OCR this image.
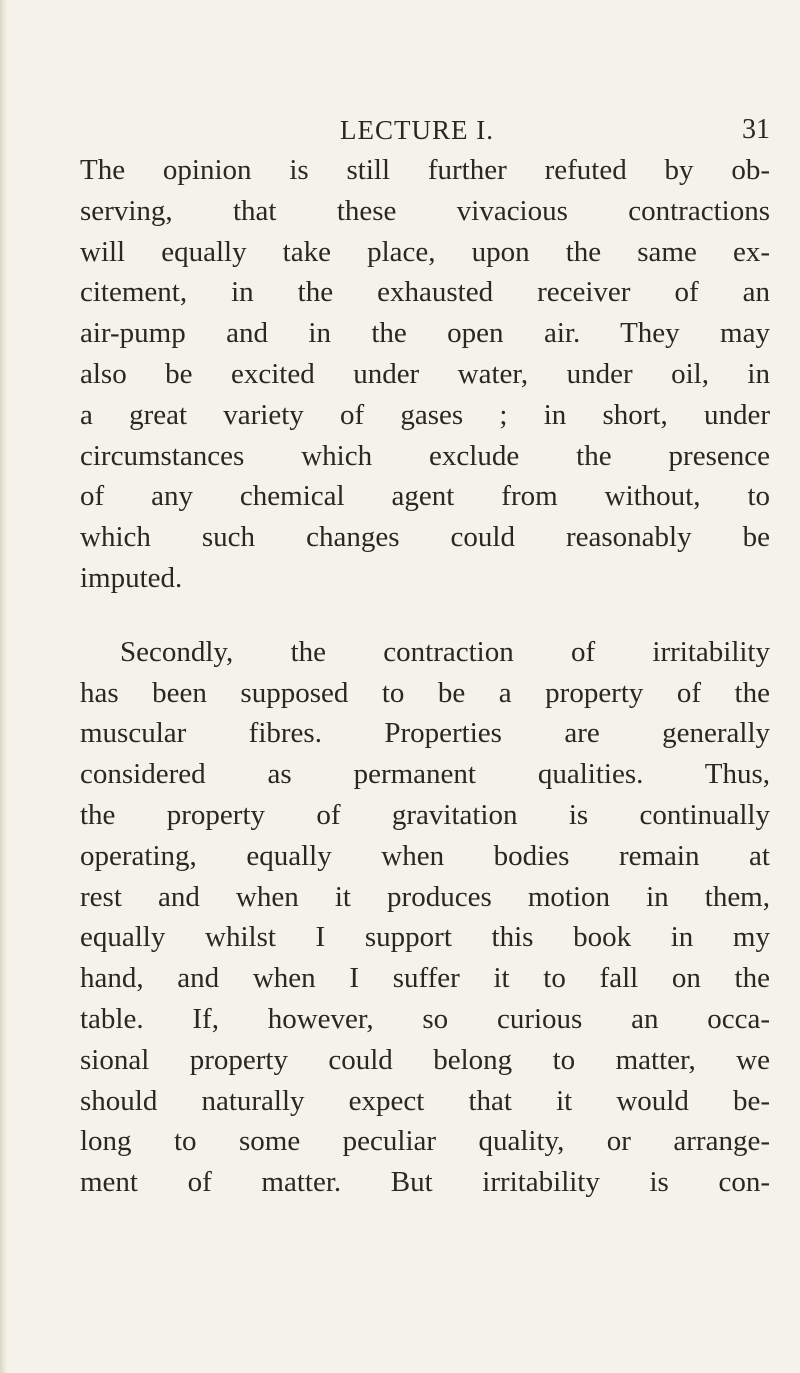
LECTURE I.	31

The opinion is still further refuted by ob-
serving, that these vivacious contractions
will equally take place, upon the same ex-
citement, in the exhausted receiver of an
air-pump and in the open air. They may
also be excited under water, under oil, in
a great variety of gases ; in short, under
circumstances which exclude the presence
of any chemical agent from without, to
which such changes could reasonably be
imputed.

Secondly, the contraction of irritability
has been supposed to be a property of the
muscular fibres. Properties are generally
considered as permanent qualities. Thus,
the property of gravitation is continually
operating, equally when bodies remain at
rest and when it produces motion in them,
equally whilst I support this book in my
hand, and when I suffer it to fall on the
table. If, however, so curious an occa-
sional property could belong to matter, we
should naturally expect that it would be-
long to some peculiar quality, or arrange-
ment of matter. But irritability is con-
